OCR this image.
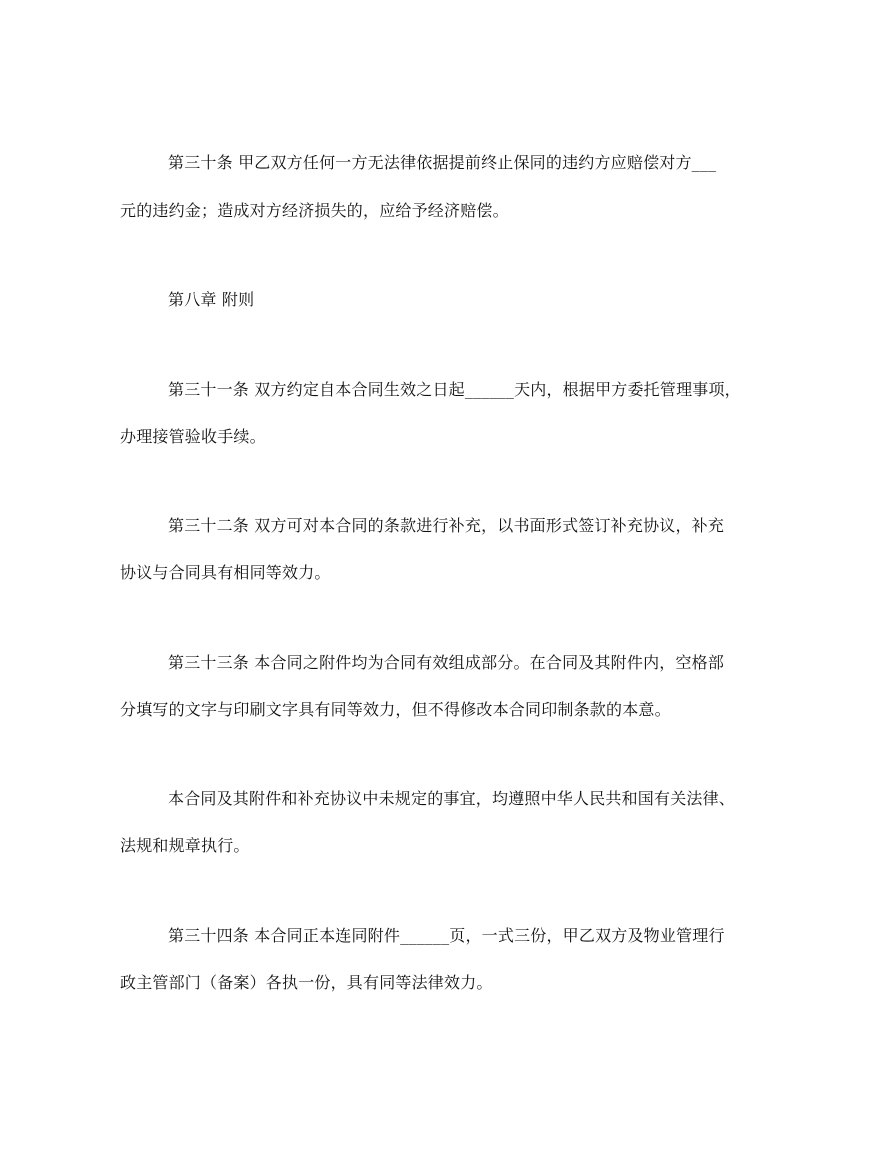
第三十条 甲乙双方任何一方无法律依据提前终止保同的违约方应赔偿对方___
元的违约金；造成对方经济损失的，应给予经济赔偿。
第八章 附则
第三十一条 双方约定自本合同生效之日起______天内，根据甲方委托管理事项，
办理接管验收手续。
第三十二条 双方可对本合同的条款进行补充，以书面形式签订补充协议，补充
协议与合同具有相同等效力。
第三十三条 本合同之附件均为合同有效组成部分。在合同及其附件内，空格部
分填写的文字与印刷文字具有同等效力，但不得修改本合同印制条款的本意。
本合同及其附件和补充协议中未规定的事宜，均遵照中华人民共和国有关法律、
法规和规章执行。
第三十四条 本合同正本连同附件______页，一式三份，甲乙双方及物业管理行
政主管部门（备案）各执一份，具有同等法律效力。
